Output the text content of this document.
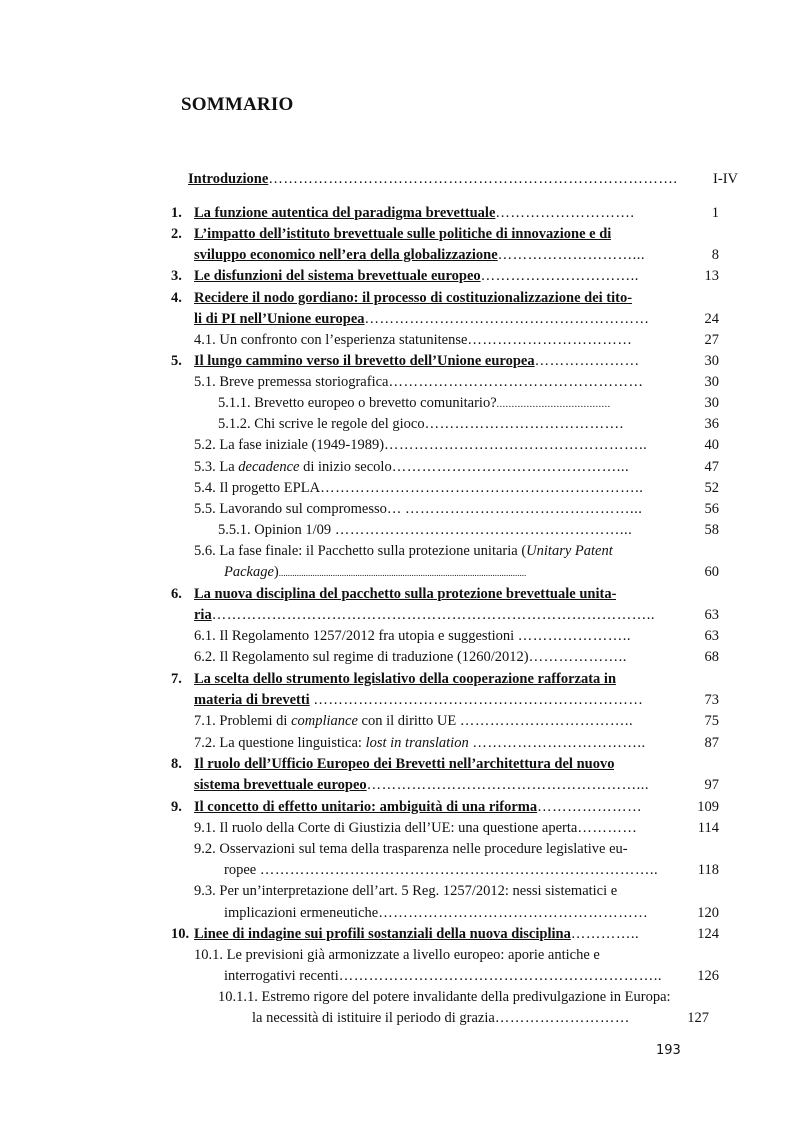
SOMMARIO
Introduzione……………………………………………………………………….	I-IV
1. La funzione autentica del paradigma brevettuale……………………….	1
2. L’impatto dell’istituto brevettuale sulle politiche di innovazione e di
sviluppo economico nell’era della globalizzazione………………………...	8
3. Le disfunzioni del sistema brevettuale europeo…………………………..	13
4. Recidere il nodo gordiano: il processo di costituzionalizzazione dei tito-
li di PI nell’Unione europea…………………………………………………	24
4.1. Un confronto con l’esperienza statunitense……………………………	27
5. Il lungo cammino verso il brevetto dell’Unione europea…………………	30
5.1. Breve premessa storiografica……………………………………………	30
5.1.1. Brevetto europeo o brevetto comunitario?......................................	30
5.1.2. Chi scrive le regole del gioco………………………………….	36
5.2. La fase iniziale (1949-1989)……………………………………………..	40
5.3. La decadence di inizio secolo………………………………………...	47
5.4. Il progetto EPLA………………………………………………………..	52
5.5. Lavorando sul compromesso… ………………………………………...	56
5.5.1. Opinion 1/09 …………………………………………………...	58
5.6. La fase finale: il Pacchetto sulla protezione unitaria (Unitary Patent
Package)..............................................................................................................	60
6. La nuova disciplina del pacchetto sulla protezione brevettuale unita-
ria……………………………………………………………………………..	63
6.1. Il Regolamento 1257/2012 fra utopia e suggestioni …………………..	63
6.2. Il Regolamento sul regime di traduzione (1260/2012)………………..	68
7. La scelta dello strumento legislativo della cooperazione rafforzata in
materia di brevetti …………………………………………………………	73
7.1. Problemi di compliance con il diritto UE ……………………………..	75
7.2. La questione linguistica: lost in translation ……………………………..	87
8. Il ruolo dell’Ufficio Europeo dei Brevetti nell’architettura del nuovo
sistema brevettuale europeo………………………………………………...	97
9. Il concetto di effetto unitario: ambiguità di una riforma…………………	109
9.1. Il ruolo della Corte di Giustizia dell’UE: una questione aperta…………	114
9.2. Osservazioni sul tema della trasparenza nelle procedure legislative eu-
ropee ……………………………………………………………………..	118
9.3. Per un’interpretazione dell’art. 5 Reg. 1257/2012: nessi sistematici e
implicazioni ermeneutiche………………………………………………	120
10. Linee di indagine sui profili sostanziali della nuova disciplina…………..	124
10.1. Le previsioni già armonizzate a livello europeo: aporie antiche e
interrogativi recenti………………………………………………………..	126
10.1.1. Estremo rigore del potere invalidante della predivulgazione in Europa:
la necessità di istituire il periodo di grazia………………………	127
193
